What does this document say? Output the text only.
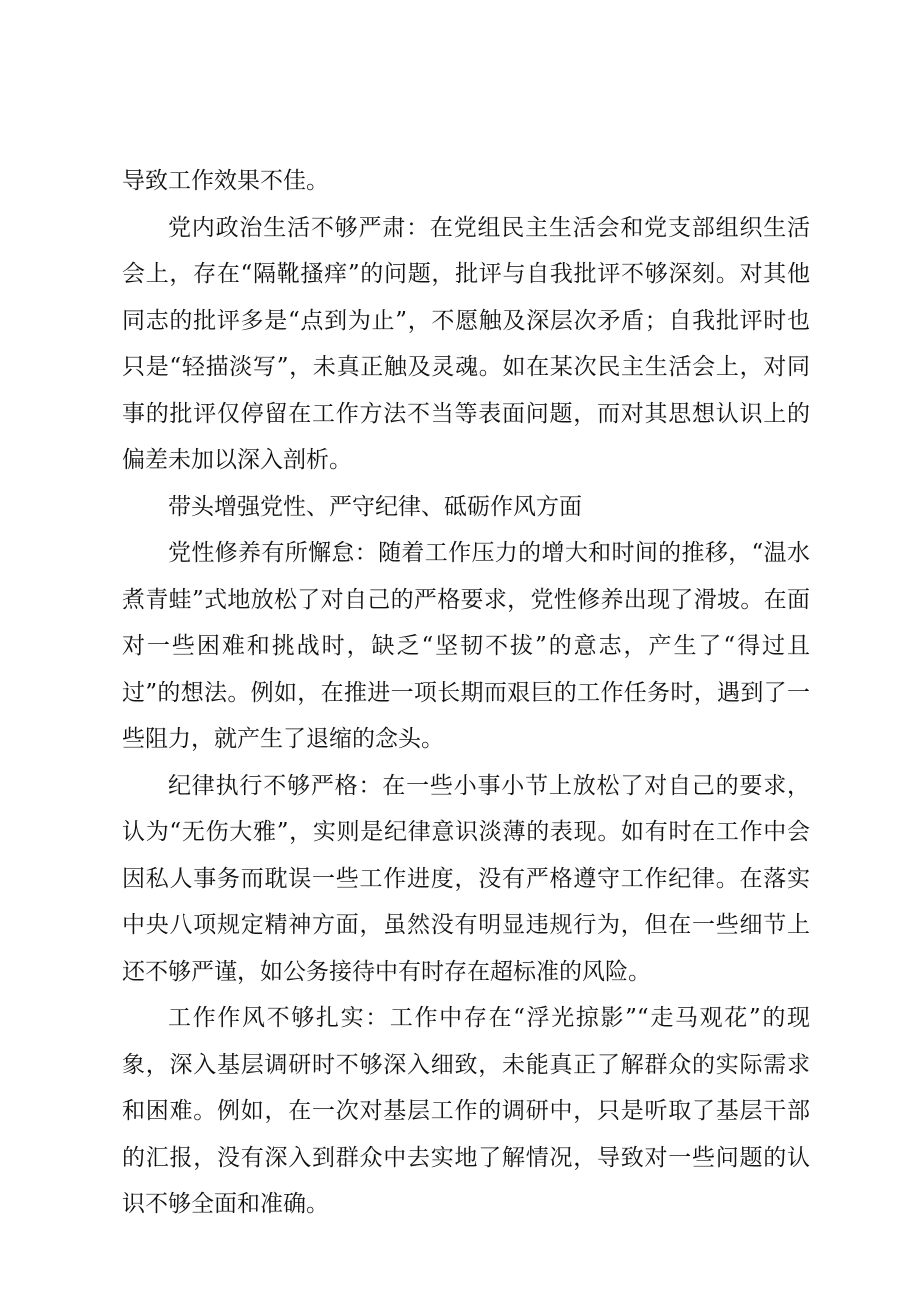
导致工作效果不佳。

党内政治生活不够严肃：在党组民主生活会和党支部组织生活会上，存在“隔靴搔痒”的问题，批评与自我批评不够深刻。对其他同志的批评多是“点到为止”，不愿触及深层次矛盾；自我批评时也只是“轻描淡写”，未真正触及灵魂。如在某次民主生活会上，对同事的批评仅停留在工作方法不当等表面问题，而对其思想认识上的偏差未加以深入剖析。

带头增强党性、严守纪律、砥砺作风方面

党性修养有所懈怠：随着工作压力的增大和时间的推移，“温水煮青蛙”式地放松了对自己的严格要求，党性修养出现了滑坡。在面对一些困难和挑战时，缺乏“坚韧不拔”的意志，产生了“得过且过”的想法。例如，在推进一项长期而艰巨的工作任务时，遇到了一些阻力，就产生了退缩的念头。

纪律执行不够严格：在一些小事小节上放松了对自己的要求，认为“无伤大雅”，实则是纪律意识淡薄的表现。如有时在工作中会因私人事务而耽误一些工作进度，没有严格遵守工作纪律。在落实中央八项规定精神方面，虽然没有明显违规行为，但在一些细节上还不够严谨，如公务接待中有时存在超标准的风险。

工作作风不够扎实：工作中存在“浮光掠影”“走马观花”的现象，深入基层调研时不够深入细致，未能真正了解群众的实际需求和困难。例如，在一次对基层工作的调研中，只是听取了基层干部的汇报，没有深入到群众中去实地了解情况，导致对一些问题的认识不够全面和准确。
